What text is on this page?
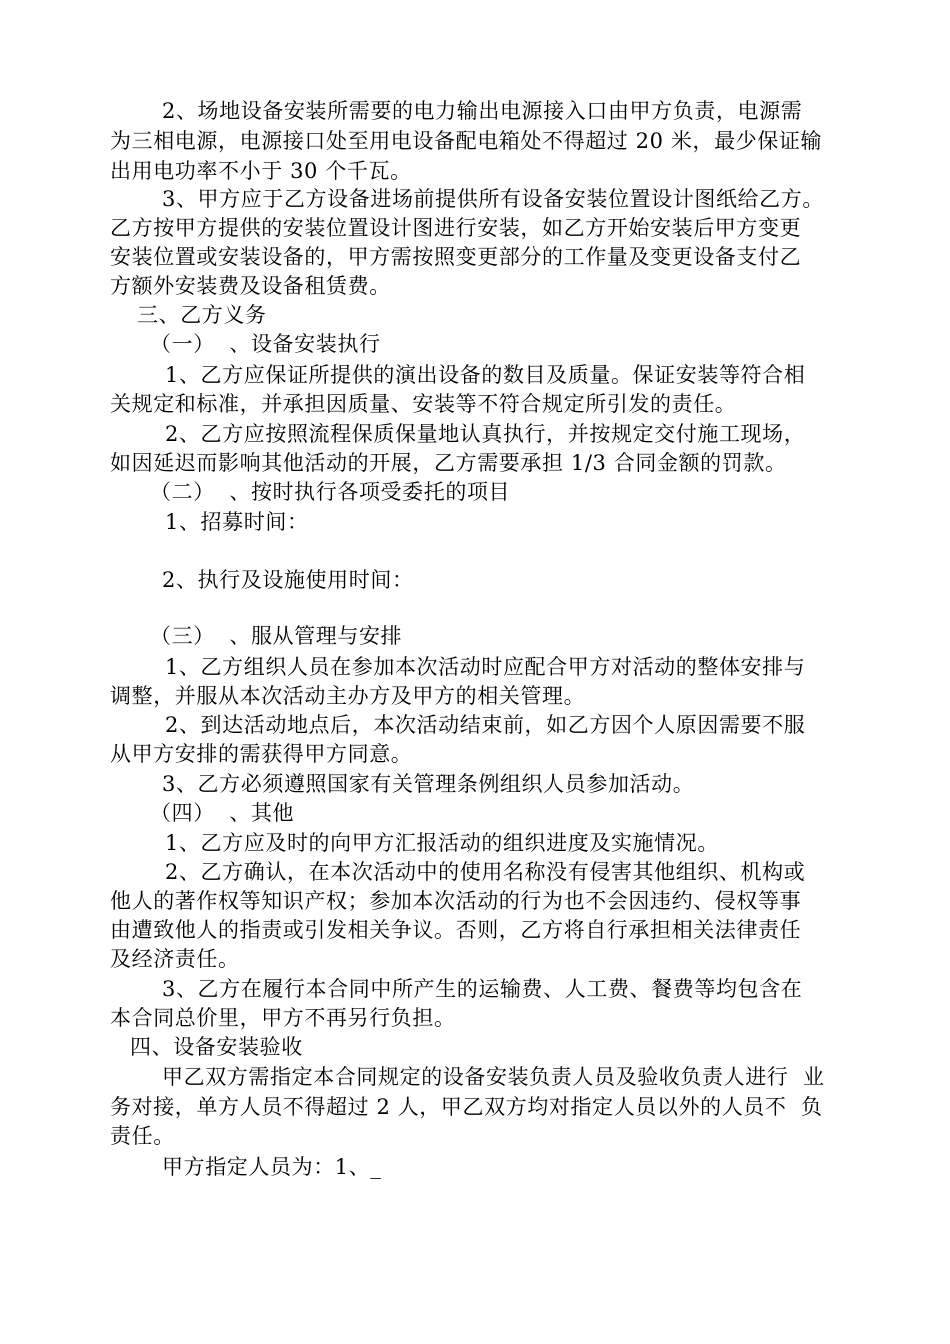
2、场地设备安装所需要的电力输出电源接入口由甲方负责，电源需
为三相电源，电源接口处至用电设备配电箱处不得超过 20 米，最少保证输
出用电功率不小于 30 个千瓦。
3、甲方应于乙方设备进场前提供所有设备安装位置设计图纸给乙方。
乙方按甲方提供的安装位置设计图进行安装，如乙方开始安装后甲方变更
安装位置或安装设备的，甲方需按照变更部分的工作量及变更设备支付乙
方额外安装费及设备租赁费。
三、乙方义务
（一）  、设备安装执行
1、乙方应保证所提供的演出设备的数目及质量。保证安装等符合相
关规定和标准，并承担因质量、安装等不符合规定所引发的责任。
2、乙方应按照流程保质保量地认真执行，并按规定交付施工现场，
如因延迟而影响其他活动的开展，乙方需要承担 1/3 合同金额的罚款。
（二）  、按时执行各项受委托的项目
1、招募时间：
2、执行及设施使用时间：
（三）  、服从管理与安排
1、乙方组织人员在参加本次活动时应配合甲方对活动的整体安排与
调整，并服从本次活动主办方及甲方的相关管理。
2、到达活动地点后，本次活动结束前，如乙方因个人原因需要不服
从甲方安排的需获得甲方同意。
3、乙方必须遵照国家有关管理条例组织人员参加活动。
（四）  、其他
1、乙方应及时的向甲方汇报活动的组织进度及实施情况。
2、乙方确认，在本次活动中的使用名称没有侵害其他组织、机构或
他人的著作权等知识产权；参加本次活动的行为也不会因违约、侵权等事
由遭致他人的指责或引发相关争议。否则，乙方将自行承担相关法律责任
及经济责任。
3、乙方在履行本合同中所产生的运输费、人工费、餐费等均包含在
本合同总价里，甲方不再另行负担。
四、设备安装验收
甲乙双方需指定本合同规定的设备安装负责人员及验收负责人进行  业
务对接，单方人员不得超过 2 人，甲乙双方均对指定人员以外的人员不  负
责任。
甲方指定人员为：1、_
